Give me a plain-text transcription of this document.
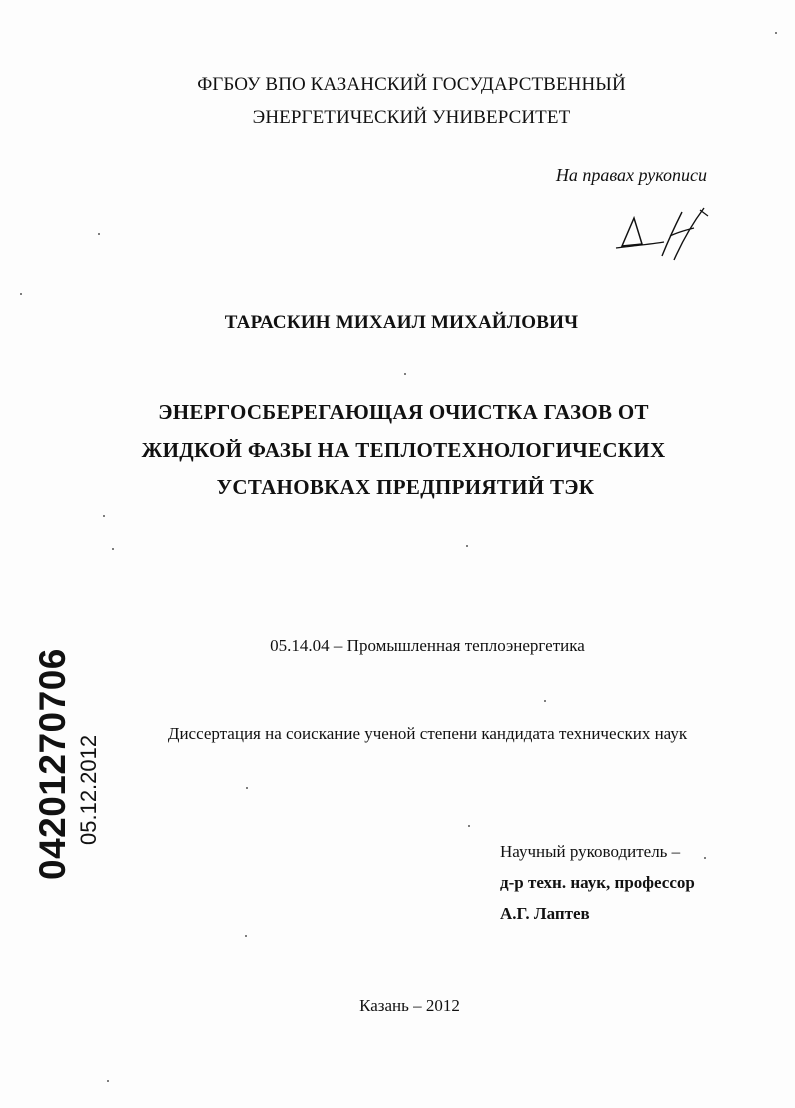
ФГБОУ ВПО КАЗАНСКИЙ ГОСУДАРСТВЕННЫЙ
ЭНЕРГЕТИЧЕСКИЙ УНИВЕРСИТЕТ
На правах рукописи
ТАРАСКИН МИХАИЛ МИХАЙЛОВИЧ
ЭНЕРГОСБЕРЕГАЮЩАЯ ОЧИСТКА ГАЗОВ ОТ
ЖИДКОЙ ФАЗЫ НА ТЕПЛОТЕХНОЛОГИЧЕСКИХ
УСТАНОВКАХ ПРЕДПРИЯТИЙ ТЭК
05.14.04 – Промышленная теплоэнергетика
Диссертация на соискание ученой степени кандидата технических наук
Научный руководитель –
д-р техн. наук, профессор
А.Г. Лаптев
Казань – 2012
04201270706 05.12.2012
